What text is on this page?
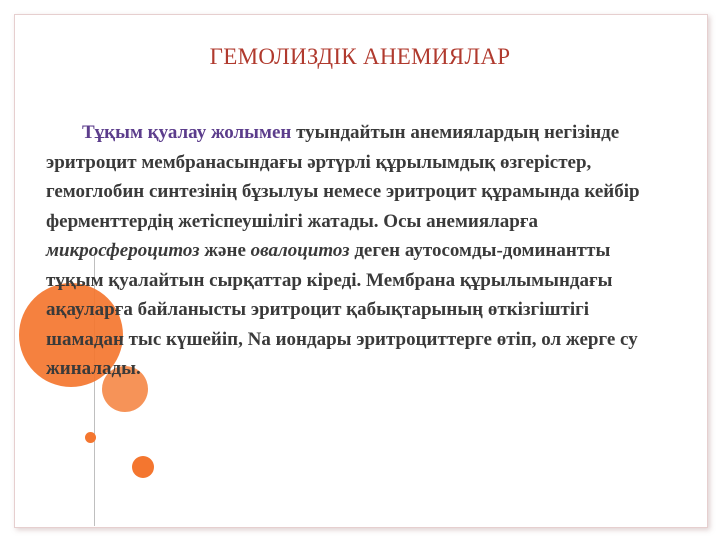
ГЕМОЛИЗДІК АНЕМИЯЛАР

Тұқым қуалау жолымен туындайтын анемиялардың негізінде эритроцит мембранасындағы әртүрлі құрылымдық өзгерістер, гемоглобин синтезінің бұзылуы немесе эритроцит құрамында кейбір ферменттердің жетіспеушілігі жатады. Осы анемияларға микросфероцитоз және овалоцитоз деген аутосомды-доминантты тұқым қуалайтын сырқаттар кіреді. Мембрана құрылымындағы ақауларға байланысты эритроцит қабықтарының өткізгіштігі шамадан тыс күшейіп, Na иондары эритроциттерге өтіп, ол жерге су жиналады.
